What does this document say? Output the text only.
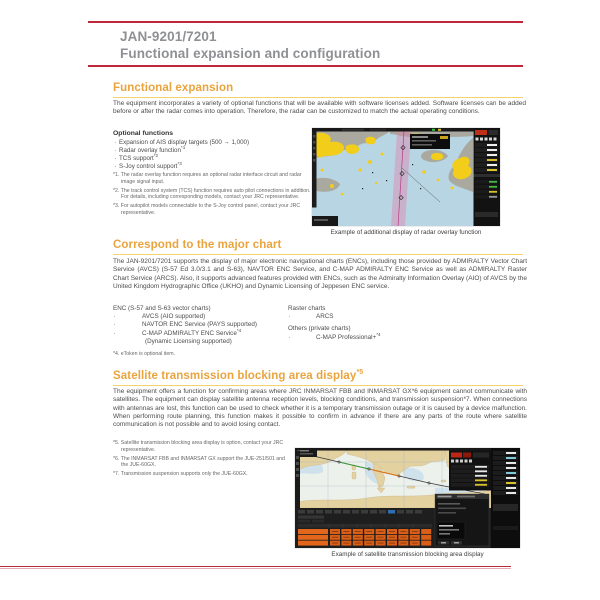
JAN-9201/7201
Functional expansion and configuration
Functional expansion
The equipment incorporates a variety of optional functions that will be available with software licenses added. Software licenses can be added before or after the radar comes into operation. Therefore, the radar can be customized to match the actual operating conditions.
Optional functions
· Expansion of AIS display targets (500 → 1,000)
· Radar overlay function$^{*1}$
· TCS support$^{*2}$
· S-Joy control support$^{*3}$
*1. The radar overlay function requires an optional radar interface circuit and radar image signal input.
*2. The track control system (TCS) function requires auto pilot connections in addition. For details, including corresponding models, contact your JRC representative.
*3. For autopilot models connectable to the S-Joy control panel, contact your JRC representative.
Example of additional display of radar overlay function
Correspond to the major chart
The JAN-9201/7201 supports the display of major electronic navigational charts (ENCs), including those provided by ADMIRALTY Vector Chart Service (AVCS) (S-57 Ed 3.0/3.1 and S-63), NAVTOR ENC Service, and C-MAP ADMIRALTY ENC Service as well as ADMIRALTY Raster Chart Service (ARCS). Also, it supports advanced features provided with ENCs, such as the Admiralty Information Overlay (AIO) of AVCS by the United Kingdom Hydrographic Office (UKHO) and Dynamic Licensing of Jeppesen ENC service.
ENC (S-57 and S-63 vector charts)
· AVCS (AIO supported)
· NAVTOR ENC Service (PAYS supported)
· C-MAP ADMIRALTY ENC Service$^{*4}$
(Dynamic Licensing supported)
Raster charts
· ARCS
Others (private charts)
· C-MAP Professional+$^{*4}$
*4. eToken is optional item.
Satellite transmission blocking area display$^{*5}$
The equipment offers a function for confirming areas where JRC INMARSAT FBB and INMARSAT GX*6 equipment cannot communicate with satellites. The equipment can display satellite antenna reception levels, blocking conditions, and transmission suspension*7. When connections with antennas are lost, this function can be used to check whether it is a temporary transmission outage or it is caused by a device malfunction. When performing route planning, this function makes it possible to confirm in advance if there are any parts of the route where satellite communication is not possible and to avoid losing contact.
*5. Satellite transmission blocking area display is option, contact your JRC representative.
*6. The INMARSAT FBB and INMARSAT GX support the JUE-251/501 and the JUE-60GX.
*7. Transmission suspension supports only the JUE-60GX.
Example of satellite transmission blocking area display
